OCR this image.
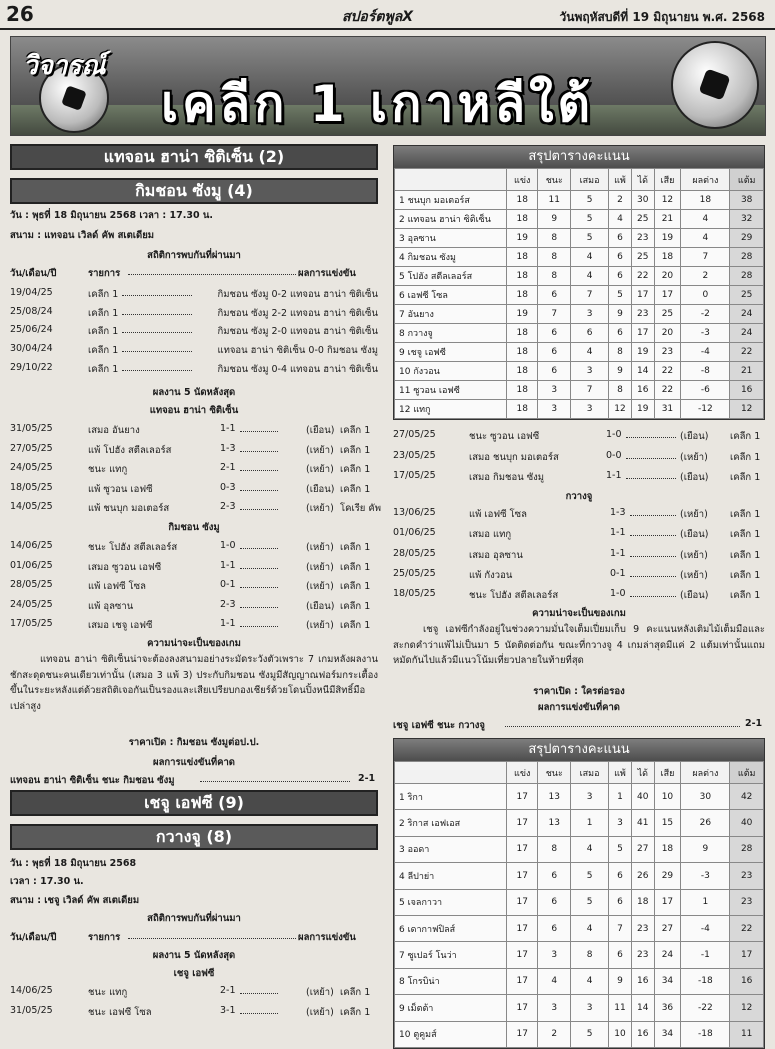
26	สปอร์ตพูลX	วันพฤหัสบดีที่ 19 มิถุนายน พ.ศ. 2568
วิจารณ์
เคลีก 1 เกาหลีใต้
แทจอน ฮาน่า ซิติเซ็น (2)
กิมชอน ซังมู (4)
วัน : พุธที่ 18 มิถุนายน 2568 เวลา : 17.30 น.
สนาม : แทจอน เวิลด์ คัพ สเตเดียม
สถิติการพบกันที่ผ่านมา
วัน/เดือน/ปี	รายการ	ผลการแข่งขัน
19/04/25	เคลีก 1	กิมชอน ซังมู 0-2 แทจอน ฮาน่า ซิติเซ็น
25/08/24	เคลีก 1	กิมชอน ซังมู 2-2 แทจอน ฮาน่า ซิติเซ็น
25/06/24	เคลีก 1	กิมชอน ซังมู 2-0 แทจอน ฮาน่า ซิติเซ็น
30/04/24	เคลีก 1	แทจอน ฮาน่า ซิติเซ็น 0-0 กิมชอน ซังมู
29/10/22	เคลีก 1	กิมชอน ซังมู 0-4 แทจอน ฮาน่า ซิติเซ็น
ผลงาน 5 นัดหลังสุด
แทจอน ฮาน่า ซิติเซ็น
31/05/25	เสมอ อันยาง	1-1	(เยือน) เคลีก 1
27/05/25	แพ้ โปฮัง สตีลเลอร์ส	1-3	(เหย้า) เคลีก 1
24/05/25	ชนะ แทกู	2-1	(เหย้า) เคลีก 1
18/05/25	แพ้ ซูวอน เอฟซี	0-3	(เยือน) เคลีก 1
14/05/25	แพ้ ชนบุก มอเตอร์ส	2-3	(เหย้า) โคเรีย คัพ
กิมชอน ซังมู
14/06/25	ชนะ โปฮัง สตีลเลอร์ส	1-0	(เหย้า) เคลีก 1
01/06/25	เสมอ ซูวอน เอฟซี	1-1	(เหย้า) เคลีก 1
28/05/25	แพ้ เอฟซี โซล	0-1	(เหย้า) เคลีก 1
24/05/25	แพ้ อุลซาน	2-3	(เยือน) เคลีก 1
17/05/25	เสมอ เชจู เอฟซี	1-1	(เหย้า) เคลีก 1
ความน่าจะเป็นของเกม
แทจอน ฮาน่า ซิติเซ็นน่าจะต้องลงสนามอย่างระมัดระวังตัวเพราะ 7 เกมหลังผลงานชักสะดุดชนะคนเดียวเท่านั้น (เสมอ 3 แพ้ 3) ประกับกิมชอน ซังมูมีสัญญาณฟอร์มกระเตื้องขึ้นในระยะหลังแต่ด้วยสถิติเจอกันเป็นรองและเสียเปรียบกองเชียร์ด้วยโดนปิ้งหนีมีสิทธิ์มือเปล่าสูง
ราคาเปิด : กิมชอน ซังมูต่อป.ป.
ผลการแข่งขันที่คาด
แทจอน ฮาน่า ซิติเซ็น ชนะ กิมชอน ซังมู	2-1
เชจู เอฟซี (9)
กวางจู (8)
วัน : พุธที่ 18 มิถุนายน 2568
เวลา : 17.30 น.
สนาม : เชจู เวิลด์ คัพ สเตเดียม
สถิติการพบกันที่ผ่านมา
วัน/เดือน/ปี	รายการ	ผลการแข่งขัน
ผลงาน 5 นัดหลังสุด
เชจู เอฟซี
14/06/25	ชนะ แทกู	2-1	(เหย้า) เคลีก 1
31/05/25	ชนะ เอฟซี โซล	3-1	(เหย้า) เคลีก 1
สรุปตารางคะแนน
	แข่ง	ชนะ	เสมอ	แพ้	ได้	เสีย	ผลต่าง	แต้ม
1 ชนบุก มอเตอร์ส	18	11	5	2	30	12	18	38
2 แทจอน ฮาน่า ซิติเซ็น	18	9	5	4	25	21	4	32
3 อุลซาน	19	8	5	6	23	19	4	29
4 กิมชอน ซังมู	18	8	4	6	25	18	7	28
5 โปฮัง สตีลเลอร์ส	18	8	4	6	22	20	2	28
6 เอฟซี โซล	18	6	7	5	17	17	0	25
7 อันยาง	19	7	3	9	23	25	-2	24
8 กวางจู	18	6	6	6	17	20	-3	24
9 เชจู เอฟซี	18	6	4	8	19	23	-4	22
10 กังวอน	18	6	3	9	14	22	-8	21
11 ซูวอน เอฟซี	18	3	7	8	16	22	-6	16
12 แทกู	18	3	3	12	19	31	-12	12
สรุปตารางคะแนน
	แข่ง	ชนะ	เสมอ	แพ้	ได้	เสีย	ผลต่าง	แต้ม
1 ริกา	17	13	3	1	40	10	30	42
2 ริกาส เอฟเอส	17	13	1	3	41	15	26	40
3 ออดา	17	8	4	5	27	18	9	28
4 ลีปาย่า	17	6	5	6	26	29	-3	23
5 เจลกาวา	17	6	5	6	18	17	1	23
6 เดากาฟปิลส์	17	6	4	7	23	27	-4	22
7 ซูเปอร์ โนว่า	17	3	8	6	23	24	-1	17
8 โกรบิน่า	17	4	4	9	16	34	-18	16
9 เม็ตต้า	17	3	3	11	14	36	-22	12
10 ตูคูมส์	17	2	5	10	16	34	-18	11
27/05/25	ชนะ ซูวอน เอฟซี	1-0	(เยือน) เคลีก 1
23/05/25	เสมอ ชนบุก มอเตอร์ส	0-0	(เหย้า) เคลีก 1
17/05/25	เสมอ กิมชอน ซังมู	1-1	(เยือน) เคลีก 1
กวางจู
13/06/25	แพ้ เอฟซี โซล	1-3	(เหย้า) เคลีก 1
01/06/25	เสมอ แทกู	1-1	(เยือน) เคลีก 1
28/05/25	เสมอ อุลซาน	1-1	(เหย้า) เคลีก 1
25/05/25	แพ้ กังวอน	0-1	(เหย้า) เคลีก 1
18/05/25	ชนะ โปฮัง สตีลเลอร์ส	1-0	(เยือน) เคลีก 1
ความน่าจะเป็นของเกม
เชจู เอฟซีกำลังอยู่ในช่วงความมั่นใจเต็มเปี่ยมเก็บ 9 คะแนนหลังเติมไม้เต็มมือและสะกดคำว่าแพ้ไม่เป็นมา 5 นัดติดต่อกัน ขณะที่กวางจู 4 เกมล่าสุดมีแค่ 2 แต้มเท่านั้นแถมหมัดกันไปแล้วมีแนวโน้มเที่ยวปลายในท้ายที่สุด
ราคาเปิด : ใครต่อรอง
ผลการแข่งขันที่คาด
เชจู เอฟซี ชนะ กวางจู	2-1
